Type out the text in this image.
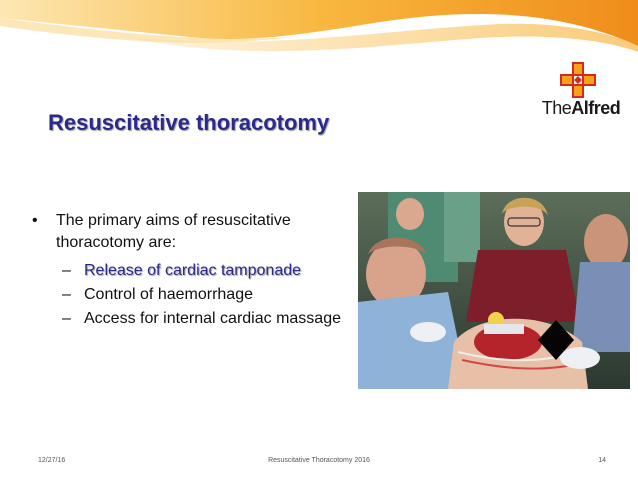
TheAlfred
Resuscitative thoracotomy
•	The primary aims of resuscitative thoracotomy are:
– Release of cardiac tamponade
– Control of haemorrhage
– Access for internal cardiac massage
12/27/16	Resuscitative Thoracotomy 2016	14
